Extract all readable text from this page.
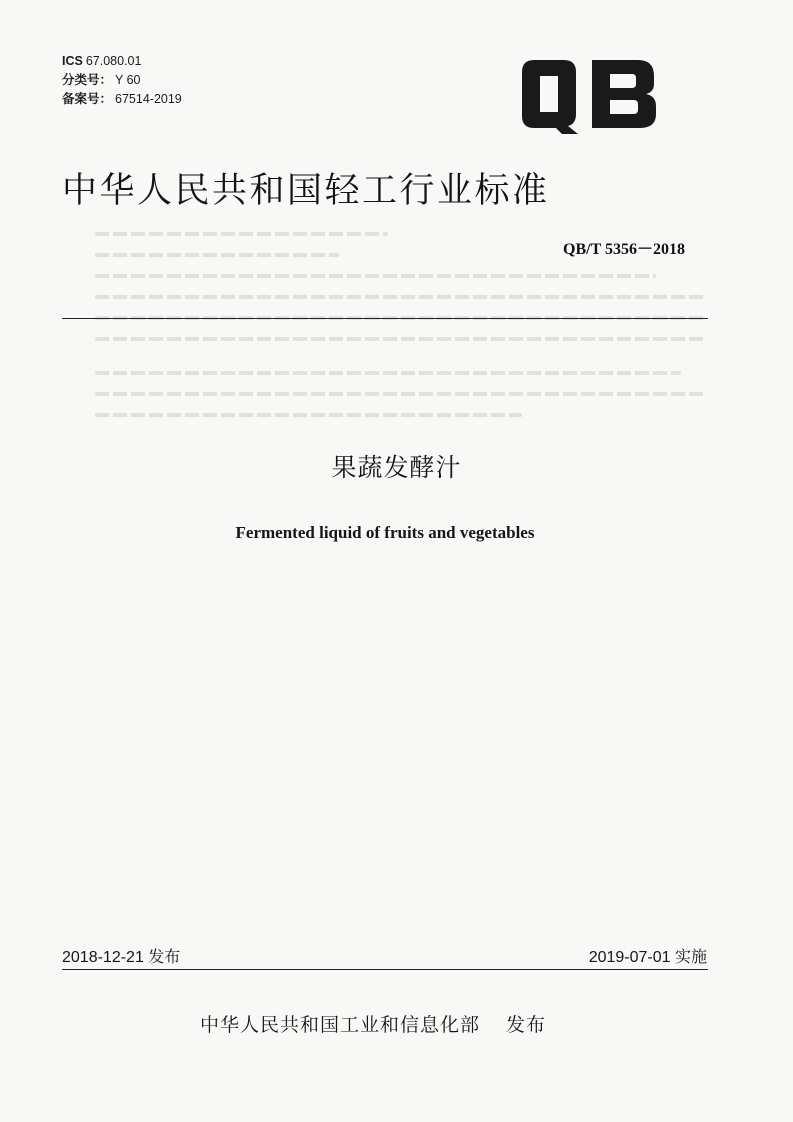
ICS 67.080.01
分类号： Y 60
备案号： 67514-2019
中华人民共和国轻工行业标准
QB/T 5356－2018
果蔬发酵汁
Fermented liquid of fruits and vegetables
2018-12-21 发布	2019-07-01 实施
中华人民共和国工业和信息化部 发布
